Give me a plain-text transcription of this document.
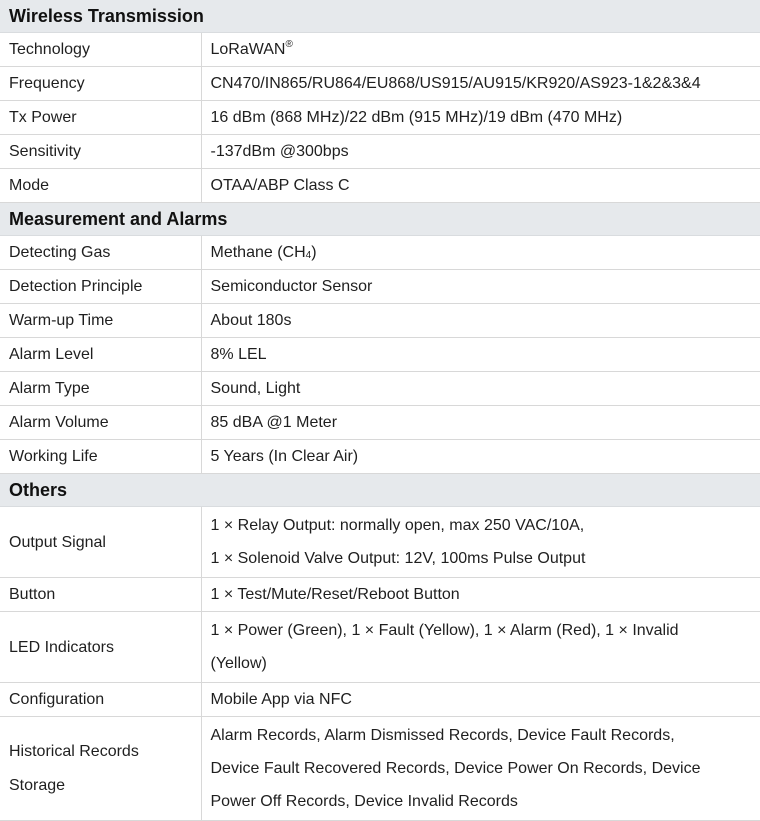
Wireless Transmission	
Technology	LoRaWAN®
Frequency	CN470/IN865/RU864/EU868/US915/AU915/KR920/AS923-1&2&3&4
Tx Power	16 dBm (868 MHz)/22 dBm (915 MHz)/19 dBm (470 MHz)
Sensitivity	-137dBm @300bps
Mode	OTAA/ABP Class C
Measurement and Alarms	
Detecting Gas	Methane $(CH_4)$
Detection Principle	Semiconductor Sensor
Warm-up Time	About 180s
Alarm Level	8% LEL
Alarm Type	Sound, Light
Alarm Volume	85 dBA @1 Meter
Working Life	5 Years (In Clear Air)
Others	
Output Signal	1 × Relay Output: normally open, max 250 VAC/10A,
1 × Solenoid Valve Output: 12V, 100ms Pulse Output

Button	1 × Test/Mute/Reset/Reboot Button
LED Indicators	1 × Power (Green), 1 × Fault (Yellow), 1 × Alarm (Red), 1 × Invalid
(Yellow)

Configuration	Mobile App via NFC

Historical Records
Storage	Alarm Records, Alarm Dismissed Records, Device Fault Records,
Device Fault Recovered Records, Device Power On Records, Device
Power Off Records, Device Invalid Records
